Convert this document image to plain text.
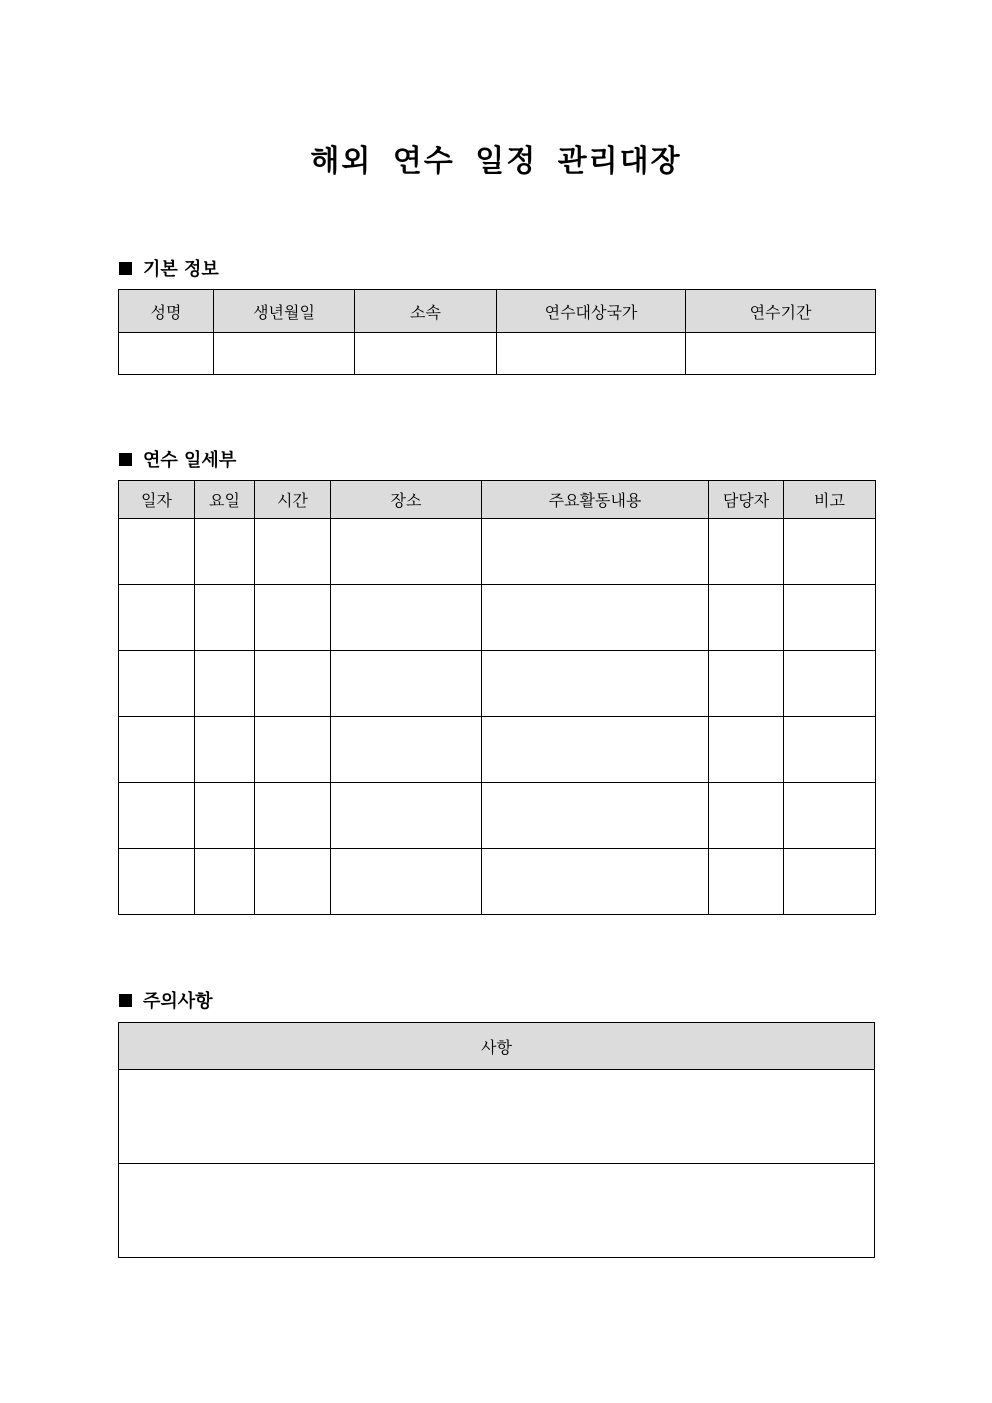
해외 연수 일정 관리대장
기본 정보
성명	생년월일	소속	연수대상국가	연수기간

연수 일세부
일자	요일	시간	장소	주요활동내용	담당자	비고

주의사항
사항
